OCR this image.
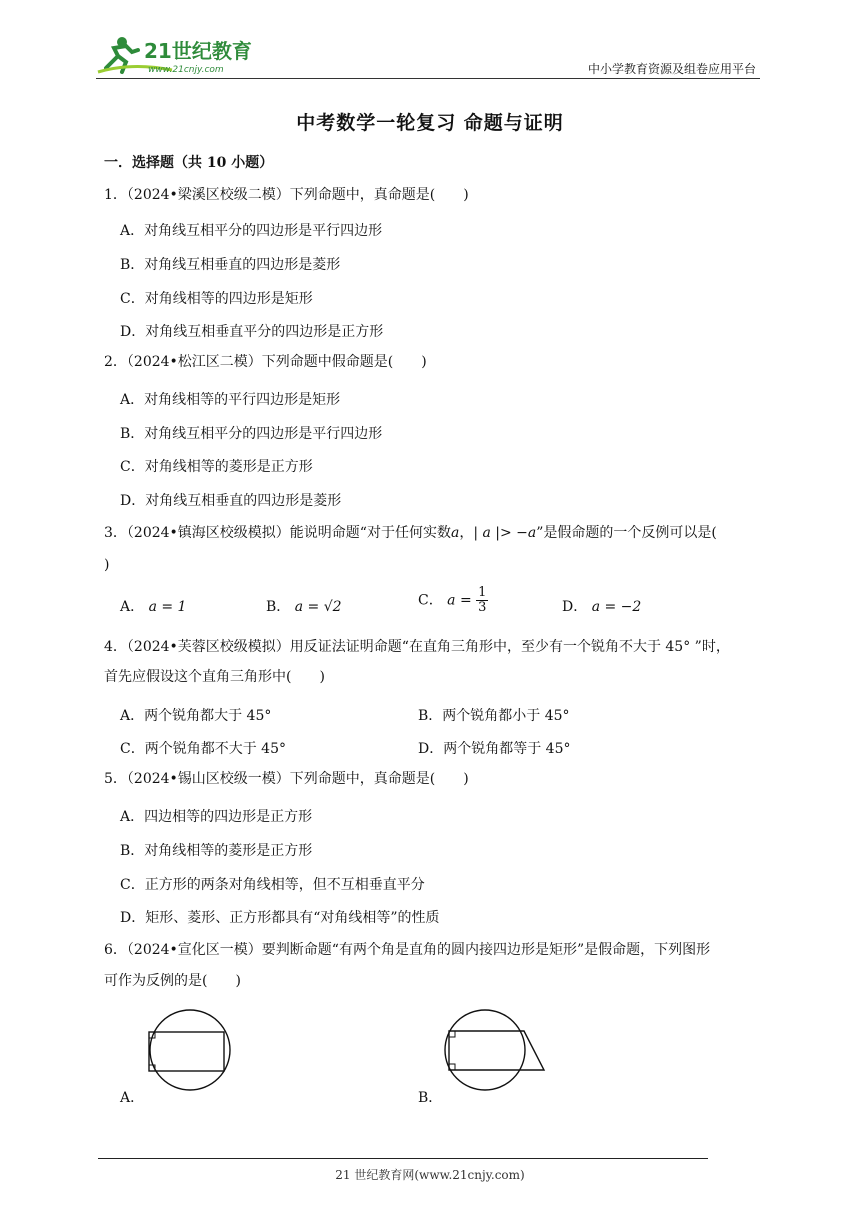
21世纪教育
www.21cnjy.com	中小学教育资源及组卷应用平台
中考数学一轮复习 命题与证明
一．选择题（共 10 小题）
1．（2024•梁溪区校级二模）下列命题中，真命题是(　　)
A．对角线互相平分的四边形是平行四边形
B．对角线互相垂直的四边形是菱形
C．对角线相等的四边形是矩形
D．对角线互相垂直平分的四边形是正方形
2．（2024•松江区二模）下列命题中假命题是(　　)
A．对角线相等的平行四边形是矩形
B．对角线互相平分的四边形是平行四边形
C．对角线相等的菱形是正方形
D．对角线互相垂直的四边形是菱形
3．（2024•镇海区校级模拟）能说明命题“对于任何实数a，| a |> −a”是假命题的一个反例可以是(
)
A． a = 1	B． a = √2	C． $a = \frac{1}{3}$	D． a = −2
4．（2024•芙蓉区校级模拟）用反证法证明命题“在直角三角形中，至少有一个锐角不大于 45° ”时，
首先应假设这个直角三角形中(　　)
A．两个锐角都大于 45°	B．两个锐角都小于 45°
C．两个锐角都不大于 45°	D．两个锐角都等于 45°
5．（2024•锡山区校级一模）下列命题中，真命题是(　　)
A．四边相等的四边形是正方形
B．对角线相等的菱形是正方形
C．正方形的两条对角线相等，但不互相垂直平分
D．矩形、菱形、正方形都具有“对角线相等”的性质
6．（2024•宣化区一模）要判断命题“有两个角是直角的圆内接四边形是矩形”是假命题，下列图形
可作为反例的是(　　)
A．	B．
21 世纪教育网(www.21cnjy.com)
